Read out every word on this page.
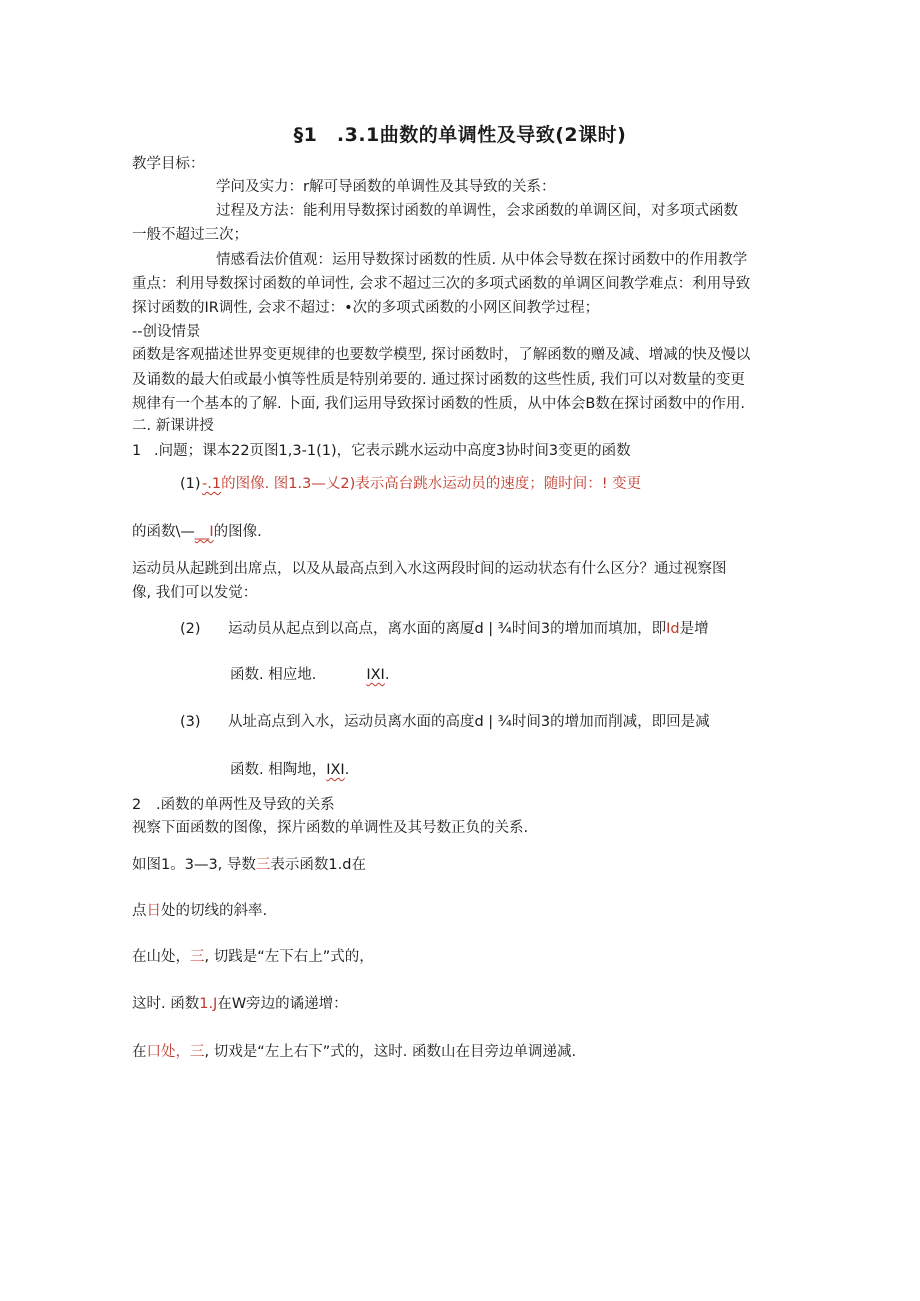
§1　.3.1曲数的单调性及导致(2课时)
教学目标：
学问及实力：r解可导函数的单调性及其导致的关系：
过程及方法：能利用导数探讨函数的单调性，会求函数的单调区间，对多项式函数
一般不超过三次；
情感看法价值观：运用导数探讨函数的性质. 从中体会导数在探讨函数中的作用教学
重点：利用导数探讨函数的单词性, 会求不超过三次的多项式函数的单调区间教学难点：利用导致
探讨函数的IR调性, 会求不超过：•次的多项式函数的小网区间教学过程；
--创设情景
函数是客观描述世界变更规律的也要数学模型, 探讨函数时，了解函数的赠及减、增减的快及慢以
及诵数的最大伯或最小慎等性质是特别弟要的. 通过探讨函数的这些性质, 我们可以对数量的变更
规律有一个基本的了解. 卜面, 我们运用导致探讨函数的性质，从中体会B数在探讨函数中的作用.
二. 新课讲授
1 .问题；课本22页图1,3-1(1)，它表示跳水运动中高度3协时间3变更的函数
(1)-.1的图像. 图1.3—乂2)表示高台跳水运动员的速度；随时间：! 变更
的函数\—__I的图像.
运动员从起跳到出席点，以及从最高点到入水这两段时间的运动状态有什么区分？通过视察图
像, 我们可以发觉：
(2) 运动员从起点到以高点，离水面的离厦d | ¾时间3的增加而填加，即Id是增
函数. 相应地.	IXI.
(3) 从址高点到入水，运动员离水面的高度d | ¾时间3的增加而削减，即回是减
函数. 相陶地，IXI.
2 .函数的单两性及导致的关系
视察下面函数的图像，探片函数的单调性及其号数正负的关系.
如图1。3—3, 导数三表示函数1.d在
点日处的切线的斜率.
在山处，三, 切践是“左下右上”式的，
这时. 函数1.J在W旁边的谲递增：
在口处，三, 切戏是“左上右下”式的，这时. 函数山在目旁边单调递减.
